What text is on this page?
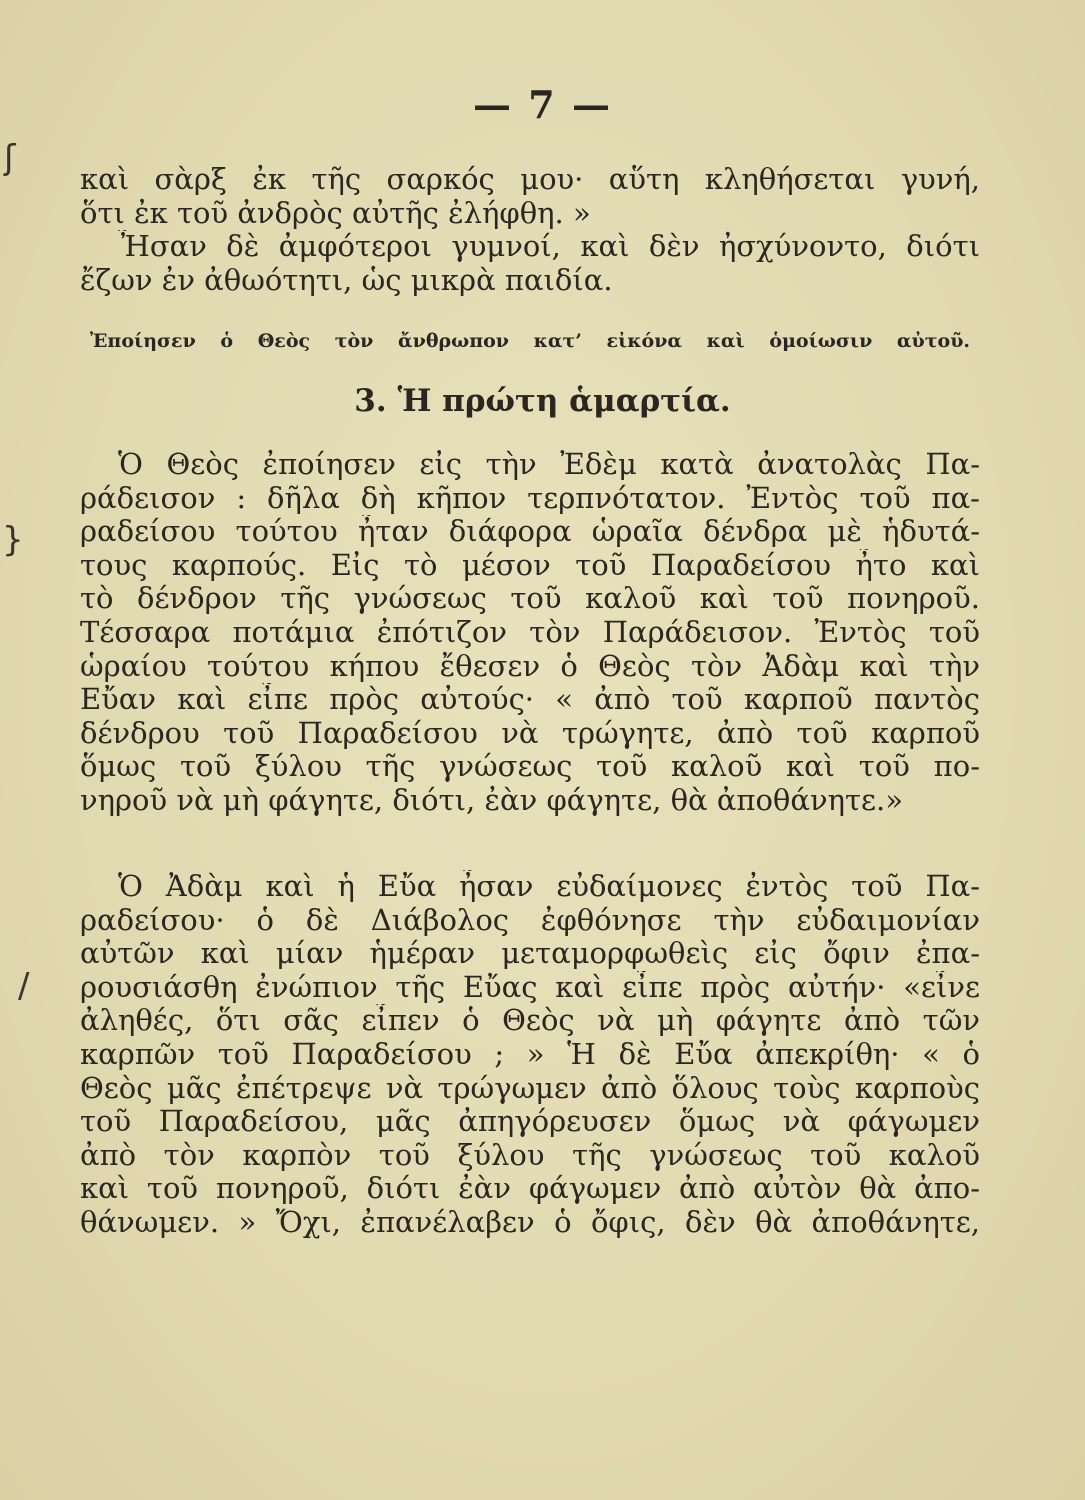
ʃ
}
/
— 7 —
καὶ σὰρξ ἐκ τῆς σαρκός μου· αὕτη κληθήσεται γυνή,
ὅτι ἐκ τοῦ ἀνδρὸς αὐτῆς ἐλήφθη. »
Ἦσαν δὲ ἀμφότεροι γυμνοί, καὶ δὲν ἠσχύνοντο, διότι
ἔζων ἐν ἀθωότητι, ὡς μικρὰ παιδία.
Ἐποίησεν ὁ Θεὸς τὸν ἄνθρωπον κατ’ εἰκόνα καὶ ὁμοίωσιν αὐτοῦ.
3. Ἡ πρώτη ἁμαρτία.
Ὁ Θεὸς ἐποίησεν εἰς τὴν Ἐδὲμ κατὰ ἀνατολὰς Πα-
ράδεισον : δῆλα δὴ κῆπον τερπνότατον. Ἐντὸς τοῦ πα-
ραδείσου τούτου ἦταν διάφορα ὡραῖα δένδρα μὲ ἡδυτά-
τους καρπούς. Εἰς τὸ μέσον τοῦ Παραδείσου ἦτο καὶ
τὸ δένδρον τῆς γνώσεως τοῦ καλοῦ καὶ τοῦ πονηροῦ.
Τέσσαρα ποτάμια ἐπότιζον τὸν Παράδεισον. Ἐντὸς τοῦ
ὡραίου τούτου κήπου ἔθεσεν ὁ Θεὸς τὸν Ἀδὰμ καὶ τὴν
Εὔαν καὶ εἶπε πρὸς αὐτούς· « ἀπὸ τοῦ καρποῦ παντὸς
δένδρου τοῦ Παραδείσου νὰ τρώγητε, ἀπὸ τοῦ καρποῦ
ὅμως τοῦ ξύλου τῆς γνώσεως τοῦ καλοῦ καὶ τοῦ πο-
νηροῦ νὰ μὴ φάγητε, διότι, ἐὰν φάγητε, θὰ ἀποθάνητε.»
Ὁ Ἀδὰμ καὶ ἡ Εὔα ἦσαν εὐδαίμονες ἐντὸς τοῦ Πα-
ραδείσου· ὁ δὲ Διάβολος ἐφθόνησε τὴν εὐδαιμονίαν
αὐτῶν καὶ μίαν ἡμέραν μεταμορφωθεὶς εἰς ὄφιν ἐπα-
ρουσιάσθη ἐνώπιον τῆς Εὔας καὶ εἶπε πρὸς αὐτήν· «εἶνε
ἀληθές, ὅτι σᾶς εἶπεν ὁ Θεὸς νὰ μὴ φάγητε ἀπὸ τῶν
καρπῶν τοῦ Παραδείσου ; » Ἡ δὲ Εὔα ἀπεκρίθη· « ὁ
Θεὸς μᾶς ἐπέτρεψε νὰ τρώγωμεν ἀπὸ ὅλους τοὺς καρποὺς
τοῦ Παραδείσου, μᾶς ἀπηγόρευσεν ὅμως νὰ φάγωμεν
ἀπὸ τὸν καρπὸν τοῦ ξύλου τῆς γνώσεως τοῦ καλοῦ
καὶ τοῦ πονηροῦ, διότι ἐὰν φάγωμεν ἀπὸ αὐτὸν θὰ ἀπο-
θάνωμεν. » Ὄχι, ἐπανέλαβεν ὁ ὄφις, δὲν θὰ ἀποθάνητε,
